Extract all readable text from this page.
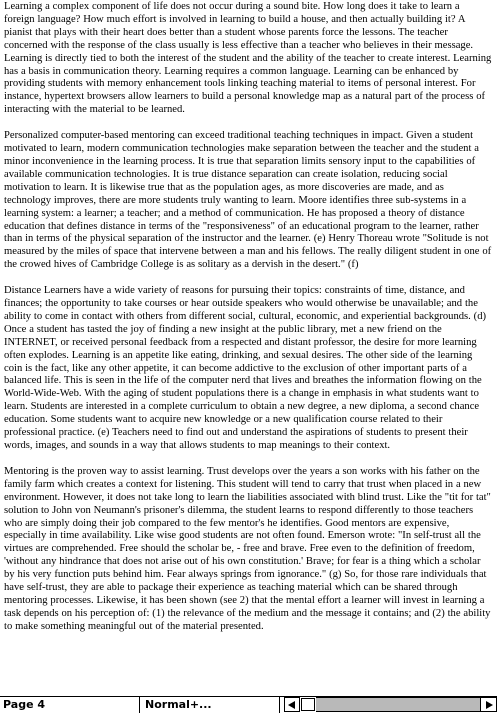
Learning a complex component of life does not occur during a sound bite. How long does it take to learn a foreign language? How much effort is involved in learning to build a house, and then actually building it? A pianist that plays with their heart does better than a student whose parents force the lessons. The teacher concerned with the response of the class usually is less effective than a teacher who believes in their message. Learning is directly tied to both the interest of the student and the ability of the teacher to create interest. Learning has a basis in communication theory. Learning requires a common language. Learning can be enhanced by providing students with memory enhancement tools linking teaching material to items of personal interest. For instance, hypertext browsers allow learners to build a personal knowledge map as a natural part of the process of interacting with the material to be learned.

Personalized computer-based mentoring can exceed traditional teaching techniques in impact. Given a student motivated to learn, modern communication technologies make separation between the teacher and the student a minor inconvenience in the learning process. It is true that separation limits sensory input to the capabilities of available communication technologies. It is true distance separation can create isolation, reducing social motivation to learn. It is likewise true that as the population ages, as more discoveries are made, and as technology improves, there are more students truly wanting to learn. Moore identifies three sub-systems in a learning system: a learner; a teacher; and a method of communication. He has proposed a theory of distance education that defines distance in terms of the "responsiveness" of an educational program to the learner, rather than in terms of the physical separation of the instructor and the learner. (e) Henry Thoreau wrote "Solitude is not measured by the miles of space that intervene between a man and his fellows. The really diligent student in one of the crowed hives of Cambridge College is as solitary as a dervish in the desert." (f)

Distance Learners have a wide variety of reasons for pursuing their topics: constraints of time, distance, and finances; the opportunity to take courses or hear outside speakers who would otherwise be unavailable; and the ability to come in contact with others from different social, cultural, economic, and experiential backgrounds. (d) Once a student has tasted the joy of finding a new insight at the public library, met a new friend on the INTERNET, or received personal feedback from a respected and distant professor, the desire for more learning often explodes. Learning is an appetite like eating, drinking, and sexual desires. The other side of the learning coin is the fact, like any other appetite, it can become addictive to the exclusion of other important parts of a balanced life. This is seen in the life of the computer nerd that lives and breathes the information flowing on the World-Wide-Web. With the aging of student populations there is a change in emphasis in what students want to learn. Students are interested in a complete curriculum to obtain a new degree, a new diploma, a second chance education. Some students want to acquire new knowledge or a new qualification course related to their professional practice. (e) Teachers need to find out and understand the aspirations of students to present their words, images, and sounds in a way that allows students to map meanings to their context.

Mentoring is the proven way to assist learning. Trust develops over the years a son works with his father on the family farm which creates a context for listening. This student will tend to carry that trust when placed in a new environment. However, it does not take long to learn the liabilities associated with blind trust. Like the "tit for tat" solution to John von Neumann's prisoner's dilemma, the student learns to respond differently to those teachers who are simply doing their job compared to the few mentor's he identifies. Good mentors are expensive, especially in time availability. Like wise good students are not often found. Emerson wrote: "In self-trust all the virtues are comprehended. Free should the scholar be, - free and brave. Free even to the definition of freedom, 'without any hindrance that does not arise out of his own constitution.' Brave; for fear is a thing which a scholar by his very function puts behind him. Fear always springs from ignorance." (g) So, for those rare individuals that have self-trust, they are able to package their experience as teaching material which can be shared through mentoring processes. Likewise, it has been shown (see 2) that the mental effort a learner will invest in learning a task depends on his perception of: (1) the relevance of the medium and the message it contains; and (2) the ability to make something meaningful out of the material presented.

Page 4	Normal+...
